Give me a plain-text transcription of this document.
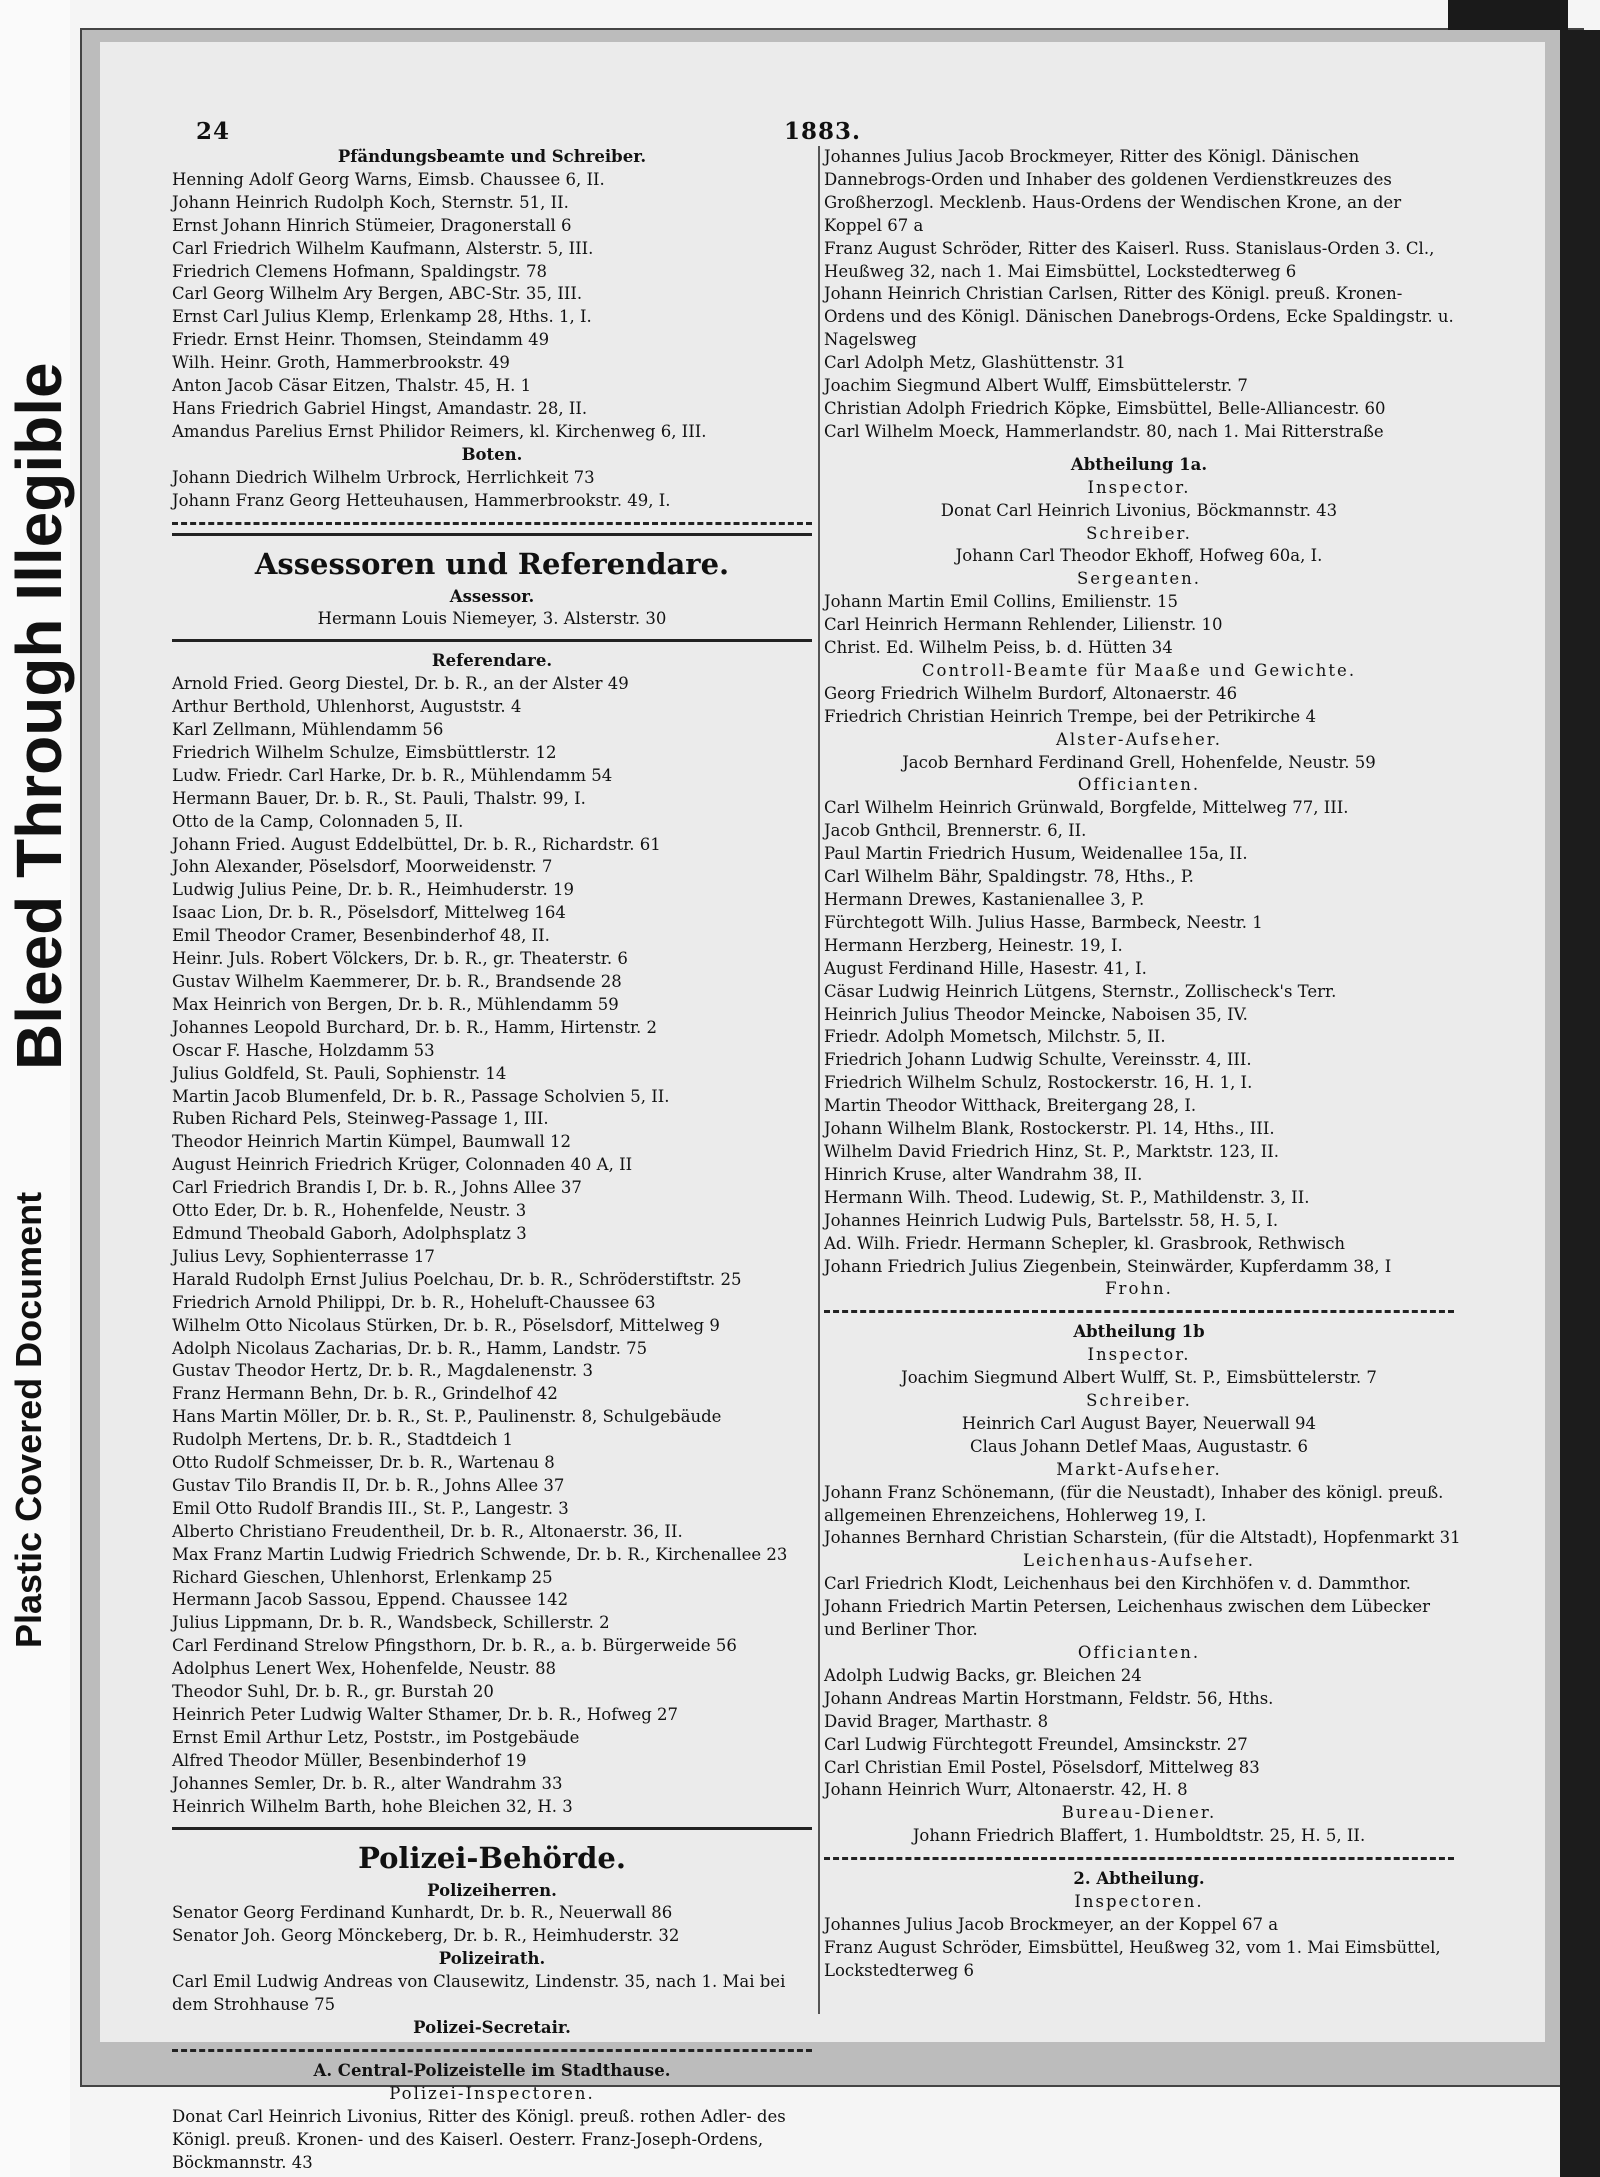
Plastic Covered Document
Bleed Through Illegible
24	1883.
Pfändungsbeamte und Schreiber.
Henning Adolf Georg Warns, Eimsb. Chaussee 6, II.
Johann Heinrich Rudolph Koch, Sternstr. 51, II.
Ernst Johann Hinrich Stümeier, Dragonerstall 6
Carl Friedrich Wilhelm Kaufmann, Alsterstr. 5, III.
Friedrich Clemens Hofmann, Spaldingstr. 78
Carl Georg Wilhelm Ary Bergen, ABC-Str. 35, III.
Ernst Carl Julius Klemp, Erlenkamp 28, Hths. 1, I.
Friedr. Ernst Heinr. Thomsen, Steindamm 49
Wilh. Heinr. Groth, Hammerbrookstr. 49
Anton Jacob Cäsar Eitzen, Thalstr. 45, H. 1
Hans Friedrich Gabriel Hingst, Amandastr. 28, II.
Amandus Parelius Ernst Philidor Reimers, kl. Kirchenweg 6, III.
Boten.
Johann Diedrich Wilhelm Urbrock, Herrlichkeit 73
Johann Franz Georg Hetteuhausen, Hammerbrookstr. 49, I.
Assessoren und Referendare.
Assessor.
Hermann Louis Niemeyer, 3. Alsterstr. 30
Referendare.
Arnold Fried. Georg Diestel, Dr. b. R., an der Alster 49
Arthur Berthold, Uhlenhorst, Auguststr. 4
Karl Zellmann, Mühlendamm 56
Friedrich Wilhelm Schulze, Eimsbüttlerstr. 12
Ludw. Friedr. Carl Harke, Dr. b. R., Mühlendamm 54
Hermann Bauer, Dr. b. R., St. Pauli, Thalstr. 99, I.
Otto de la Camp, Colonnaden 5, II.
Johann Fried. August Eddelbüttel, Dr. b. R., Richardstr. 61
John Alexander, Pöselsdorf, Moorweidenstr. 7
Ludwig Julius Peine, Dr. b. R., Heimhuderstr. 19
Isaac Lion, Dr. b. R., Pöselsdorf, Mittelweg 164
Emil Theodor Cramer, Besenbinderhof 48, II.
Heinr. Juls. Robert Völckers, Dr. b. R., gr. Theaterstr. 6
Gustav Wilhelm Kaemmerer, Dr. b. R., Brandsende 28
Max Heinrich von Bergen, Dr. b. R., Mühlendamm 59
Johannes Leopold Burchard, Dr. b. R., Hamm, Hirtenstr. 2
Oscar F. Hasche, Holzdamm 53
Julius Goldfeld, St. Pauli, Sophienstr. 14
Martin Jacob Blumenfeld, Dr. b. R., Passage Scholvien 5, II.
Ruben Richard Pels, Steinweg-Passage 1, III.
Theodor Heinrich Martin Kümpel, Baumwall 12
August Heinrich Friedrich Krüger, Colonnaden 40 A, II
Carl Friedrich Brandis I, Dr. b. R., Johns Allee 37
Otto Eder, Dr. b. R., Hohenfelde, Neustr. 3
Edmund Theobald Gaborh, Adolphsplatz 3
Julius Levy, Sophienterrasse 17
Harald Rudolph Ernst Julius Poelchau, Dr. b. R., Schröderstiftstr. 25
Friedrich Arnold Philippi, Dr. b. R., Hoheluft-Chaussee 63
Wilhelm Otto Nicolaus Stürken, Dr. b. R., Pöselsdorf, Mittelweg 9
Adolph Nicolaus Zacharias, Dr. b. R., Hamm, Landstr. 75
Gustav Theodor Hertz, Dr. b. R., Magdalenenstr. 3
Franz Hermann Behn, Dr. b. R., Grindelhof 42
Hans Martin Möller, Dr. b. R., St. P., Paulinenstr. 8, Schulgebäude
Rudolph Mertens, Dr. b. R., Stadtdeich 1
Otto Rudolf Schmeisser, Dr. b. R., Wartenau 8
Gustav Tilo Brandis II, Dr. b. R., Johns Allee 37
Emil Otto Rudolf Brandis III., St. P., Langestr. 3
Alberto Christiano Freudentheil, Dr. b. R., Altonaerstr. 36, II.
Max Franz Martin Ludwig Friedrich Schwende, Dr. b. R., Kirchenallee 23
Richard Gieschen, Uhlenhorst, Erlenkamp 25
Hermann Jacob Sassou, Eppend. Chaussee 142
Julius Lippmann, Dr. b. R., Wandsbeck, Schillerstr. 2
Carl Ferdinand Strelow Pfingsthorn, Dr. b. R., a. b. Bürgerweide 56
Adolphus Lenert Wex, Hohenfelde, Neustr. 88
Theodor Suhl, Dr. b. R., gr. Burstah 20
Heinrich Peter Ludwig Walter Sthamer, Dr. b. R., Hofweg 27
Ernst Emil Arthur Letz, Poststr., im Postgebäude
Alfred Theodor Müller, Besenbinderhof 19
Johannes Semler, Dr. b. R., alter Wandrahm 33
Heinrich Wilhelm Barth, hohe Bleichen 32, H. 3
Polizei-Behörde.
Polizeiherren.
Senator Georg Ferdinand Kunhardt, Dr. b. R., Neuerwall 86
Senator Joh. Georg Mönckeberg, Dr. b. R., Heimhuderstr. 32
Polizeirath.
Carl Emil Ludwig Andreas von Clausewitz, Lindenstr. 35, nach 1. Mai bei dem Strohhause 75
Polizei-Secretair.
A. Central-Polizeistelle im Stadthause.
Polizei-Inspectoren.
Donat Carl Heinrich Livonius, Ritter des Königl. preuß. rothen Adler- des Königl. preuß. Kronen- und des Kaiserl. Oesterr. Franz-Joseph-Ordens, Böckmannstr. 43
Johannes Julius Jacob Brockmeyer, Ritter des Königl. Dänischen Dannebrogs-Orden und Inhaber des goldenen Verdienstkreuzes des Großherzogl. Mecklenb. Haus-Ordens der Wendischen Krone, an der Koppel 67 a
Franz August Schröder, Ritter des Kaiserl. Russ. Stanislaus-Orden 3. Cl., Heußweg 32, nach 1. Mai Eimsbüttel, Lockstedterweg 6
Johann Heinrich Christian Carlsen, Ritter des Königl. preuß. Kronen-Ordens und des Königl. Dänischen Danebrogs-Ordens, Ecke Spaldingstr. u. Nagelsweg
Carl Adolph Metz, Glashüttenstr. 31
Joachim Siegmund Albert Wulff, Eimsbüttelerstr. 7
Christian Adolph Friedrich Köpke, Eimsbüttel, Belle-Alliancestr. 60
Carl Wilhelm Moeck, Hammerlandstr. 80, nach 1. Mai Ritterstraße
Abtheilung 1a.
Inspector.
Donat Carl Heinrich Livonius, Böckmannstr. 43
Schreiber.
Johann Carl Theodor Ekhoff, Hofweg 60a, I.
Sergeanten.
Johann Martin Emil Collins, Emilienstr. 15
Carl Heinrich Hermann Rehlender, Lilienstr. 10
Christ. Ed. Wilhelm Peiss, b. d. Hütten 34
Controll-Beamte für Maaße und Gewichte.
Georg Friedrich Wilhelm Burdorf, Altonaerstr. 46
Friedrich Christian Heinrich Trempe, bei der Petrikirche 4
Alster-Aufseher.
Jacob Bernhard Ferdinand Grell, Hohenfelde, Neustr. 59
Officianten.
Carl Wilhelm Heinrich Grünwald, Borgfelde, Mittelweg 77, III.
Jacob Gnthcil, Brennerstr. 6, II.
Paul Martin Friedrich Husum, Weidenallee 15a, II.
Carl Wilhelm Bähr, Spaldingstr. 78, Hths., P.
Hermann Drewes, Kastanienallee 3, P.
Fürchtegott Wilh. Julius Hasse, Barmbeck, Neestr. 1
Hermann Herzberg, Heinestr. 19, I.
August Ferdinand Hille, Hasestr. 41, I.
Cäsar Ludwig Heinrich Lütgens, Sternstr., Zollischeck's Terr.
Heinrich Julius Theodor Meincke, Naboisen 35, IV.
Friedr. Adolph Mometsch, Milchstr. 5, II.
Friedrich Johann Ludwig Schulte, Vereinsstr. 4, III.
Friedrich Wilhelm Schulz, Rostockerstr. 16, H. 1, I.
Martin Theodor Witthack, Breitergang 28, I.
Johann Wilhelm Blank, Rostockerstr. Pl. 14, Hths., III.
Wilhelm David Friedrich Hinz, St. P., Marktstr. 123, II.
Hinrich Kruse, alter Wandrahm 38, II.
Hermann Wilh. Theod. Ludewig, St. P., Mathildenstr. 3, II.
Johannes Heinrich Ludwig Puls, Bartelsstr. 58, H. 5, I.
Ad. Wilh. Friedr. Hermann Schepler, kl. Grasbrook, Rethwisch
Johann Friedrich Julius Ziegenbein, Steinwärder, Kupferdamm 38, I
Frohn.
Abtheilung 1b
Inspector.
Joachim Siegmund Albert Wulff, St. P., Eimsbüttelerstr. 7
Schreiber.
Heinrich Carl August Bayer, Neuerwall 94
Claus Johann Detlef Maas, Augustastr. 6
Markt-Aufseher.
Johann Franz Schönemann, (für die Neustadt), Inhaber des königl. preuß. allgemeinen Ehrenzeichens, Hohlerweg 19, I.
Johannes Bernhard Christian Scharstein, (für die Altstadt), Hopfenmarkt 31
Leichenhaus-Aufseher.
Carl Friedrich Klodt, Leichenhaus bei den Kirchhöfen v. d. Dammthor.
Johann Friedrich Martin Petersen, Leichenhaus zwischen dem Lübecker und Berliner Thor.
Officianten.
Adolph Ludwig Backs, gr. Bleichen 24
Johann Andreas Martin Horstmann, Feldstr. 56, Hths.
David Brager, Marthastr. 8
Carl Ludwig Fürchtegott Freundel, Amsinckstr. 27
Carl Christian Emil Postel, Pöselsdorf, Mittelweg 83
Johann Heinrich Wurr, Altonaerstr. 42, H. 8
Bureau-Diener.
Johann Friedrich Blaffert, 1. Humboldtstr. 25, H. 5, II.
2. Abtheilung.
Inspectoren.
Johannes Julius Jacob Brockmeyer, an der Koppel 67 a
Franz August Schröder, Eimsbüttel, Heußweg 32, vom 1. Mai Eimsbüttel, Lockstedterweg 6
